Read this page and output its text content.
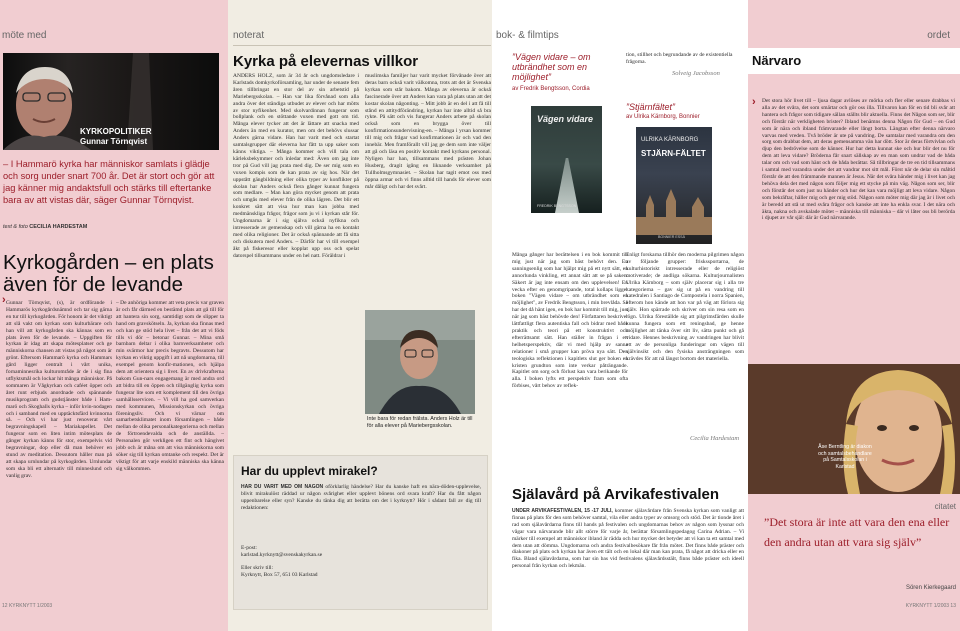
möte med
KYRKOPOLITIKER
Gunnar Törnqvist
– I Hammarö kyrka har människor samlats i glädje och sorg under snart 700 år. Det är stort och gör att jag känner mig andaktsfull och stärks till eftertanke bara av att vistas där, säger Gunnar Törnqvist.
text & foto CECILIA HARDESTAM
Kyrkogården – en plats
även för de levande
› Gunnar Törnqvist, (s), är ordförande i Hammarös kyrkogårdsnämnd och tar sig gärna en tur till kyrkogården. För honom är det viktigt att slå vakt om kyrkan som kulturbärare och han vill att kyrkogården ska kännas som en plats även för de levande. – Uppgiften för kyrkan är idag att skapa mötesplatser och ge människorna chansen att vistas på något som är grönt. Eftersom Hammarö kyrka och Hammars gård ligger centralt i vårt unika, fornaminnesrika kulturområde är de i sig fina utflyktsmål och lockar hit många människor. På sommaren är Vågkyrkan och caféet öppet och året runt erbjuds anordnade och spännande musikprogram och gudstjänster både i Ham-marö och Skoghalls kyrka – inför kvin-nodagen och i samband med en upptäcktsfärd kvinnorna så. – Och vi har just renoverat vårt begravningskapell – Mariakapellet. Det fungerar som en liten intim mötesplats de gånger kyrkan känns för stor, exempelvis vid begravningar, dop eller då man behöver en stund av meditation. Dessutom håller man på att skapa urnlundar på kyrkogården. Urnlundar som ska bli ett alternativ till minneslund och vanlig grav.

– De anhöriga kommer att veta precis var graven är och får därmed en bestämd plats att gå till för att hantera sin sorg, samtidigt som de slipper ta hand om gravskötseln. Ja, kyrkan ska finnas med och kan ge stöd hela livet – från det att vi föds tills vi dör – betonar Gunnar. – Mina små barnbarn deltar i olika barnverksamheter och min svärmor har precis begravts. Dessutom har kyrkan en viktig uppgift i att nå ungdomarna, till exempel genom konfir-mationen, och hjälpa dem att orientera sig i livet. En av drivkrafterna bakom Gun-nars engagemang är med andra ord att bidra till en öppen och tillgänglig kyrka som fungerar lite som ett komplement till den övriga samhällsservicen. – Vi vill ha god samverkan med kommunen, Missionskyrkan och övriga föreningsliv. Och vi värnar om samarbetsklimatet inom församlingen – både mellan de olika personalkategorierna och mellan de förtroendevalda och de anställda. – Personalen gör verkligen ett fint och hängivet jobb och är måna om att visa människorna som söker sig till kyrkan omtanke och respekt. Det är viktigt för att varje enskild människa ska känna sig välkommen.

12 KYRKNYTT 1/2003
noterat
Kyrka på elevernas villkor

ANDERS HOLZ, som är 34 år och ungdomsledare i Karlstads domkyrkoförsamling, har under de senaste fem åren tillbringat en stor del av sin arbetstid på Mariebergsskolan. – Han var lika förvånad som alla andra över det ständiga utbudet av elever och har mötts av stor nyfikenhet. Med skolvardinnan fungerar som bollplank och en stöttande vuxen med gott om tid. Många elever tycker att det är lättare att snacka med Anders än med en kurator, men om det behövs slussar Anders gärna vidare. Han har varit med och startat samtalsgrupper där eleverna har fått ta upp saker som känns viktiga. – Många kommer och vill tala om kärleksbekymmer och inledar med: Även om jag inte tror på Gud vill jag prata med dig. De ser mig som en vuxen kompis som de kan prata av sig hos. När det uppstått gängbildning eller olika typer av konflikter på skolan har Anders också flera gånger kunnat fungera som medlare. – Man kan göra mycket genom att prata och umgås med elever från de olika lägren. Det blir ett konkret sätt att visa hur man kan jobba med medmänskliga frågor, frågor som ju vi i kyrkan står för. Ungdomarna är i sig själva också nyfikna och intresserade av gemenskap och vill gärna ha en kontakt med olika religioner. Det är också spännande att få sitta och diskutera med Anders. – Därför har vi till exempel åkt på fiskeresor eller kopplat upp oss och spelat datorspel tillsammans under en hel natt. Föräldrar i

muslimska familjer har varit mycket förvånade över att deras barn också varit välkomna, trots att det är Svenska kyrkan som står bakom. Många av eleverna är också fascinerade över att Anders kan vara på plats utan att det kostar skolan någonting. – Mitt jobb är en del i att få till stånd en attitydförändring, kyrkan har inte alltid så bra rykte. På sätt och vis fungerar Anders arbete på skolan också som en brygga över till konfirmationsundervisning-en. – Många i yrsan kommer till mig och frågar vad konfirmationen är och vad den innebär. Men framförallt vill jag ge dem som inte väljer att gå och läsa en positiv kontakt med kyrkans personal. Nyligen har han, tillsammans med prästen Johan Husberg, dragit igång en liknande verksamhet på Tullholmsgymnasiet. – Skolan har tagit emot oss med öppna armar och vi finns alltid till hands för elever som mår dåligt och har det svårt.

Inte bara för redan frälsta. Anders Holz är till för alla elever på Mariebergsskolan.
Har du upplevt mirakel?
HAR DU VARIT MED OM NÅGON oförklarlig händelse? Har du kanske haft en nära-döden-upplevelse, blivit mirakulöst räddad ur någon svårighet eller upplevt bönens ord svara kraft? Har du fått någon uppenbarelse eller syn? Kanske du tänka dig att berätta om det i kyrknytt? Hör i sådant fall av dig till redaktionen:
E-post:
karlstad.kyrknytt@svenskakyrkan.se
Eller skriv till:
Kyrknytt, Box 57, 651 03 Karlstad
bok- & filmtips
”Vägen vidare – om utbrändhet som en möjlighet”
av Fredrik Bengtsson, Cordia
Vägen vidare
FREDRIK BENGTSSON
tion, stillhet och begrundande av de existentiella frågorna.
Solveig Jacobsson
”Stjärnfältet”
av Ulrika Kärnborg, Bonnier
ULRIKA KÄRNBORG
STJÄRN-FÄLTET
BONNIER ESSÄ

Många gånger har berättelsen i en bok kommit till mig just när jag som bäst behövt den. En sanningsenlig som har hjälpt mig på ett nytt sätt, en annorlunda vinkling, ett annat sätt att se på saken. Säkert är jag inte ensam om den upplevelsen! En vecka efter en genomgripande, total kollaps ligger boken "Vägen vidare – om utbrändhet som en möjlighet", av Fredrik Bengtsson, i min brevlåda. Så har det då hänt igen, en bok har kommit till mig, just när jag som bäst behövde den! Författaren beskriver lättfattligt flera autentiska fall och bidrar med både praktik och teori på ett konstruktivt och efterrättsamt sätt. Han ställer in frågan i ett helhetsperspektiv, där vi med hjälp av sanna relationer i små grupper kan pröva nya sätt. Den teologiska reflektionen i kapitlets slut ger boken en kristen grundton som inte verkar påträngande. Kapitlet om sorg och förlust kan vara berikande för alla. I boken lyfts ett perspektiv fram som ofta förbises, vårt behov av reflek-

Enligt forskarna tillhör den moderna pilgrimen någon av följande grupper: friskssportarna, de kulturhistoriskt intresserade eller de religiöst motiverade; de andliga sökarna. Kulturjournalisten Ulrika Kärnborg – som själv placerar sig i alla tre kategorierna – gav sig ut på en vandring till katedralen i Santiago de Compostela i norra Spanien, efterom hon kände att hon var på väg att förlora sig själv. Hon spärrade och skriver om sin resa som en lögn. Ulrika föreställde sig att pilgrimsfärden skulle kunna fungera som ett reningsbad, ge henne möjlighet att tänka över sitt liv, sätta punkt och gå vidare. Hennes beskrivning av vandringen har blivit ett av de personliga funderingar om vägen till självinsikt och den fysiska ansträngningen som krävdes för att nå längst bortom det materiella.

Cecilia Hardestam
Själavård på Arvikafestivalen
UNDER ARVIKAFESTIVALEN, 15 -17 JULI, kommer själavårdare från Svenska kyrkan som vanligt att finnas på plats för den som behöver samtal, vila eller andra typer av omsorg och stöd. Det är tionde året i rad som själavårdarna finns till hands på festivalen och ungdomarnas behov av någon som lyssnar och vågar vara närvarande blir allt större för varje år, berättar församlingspedagog Carina Adrian. – Vi märker till exempel att människor ibland är rädda och hur mycket det betyder att vi kan ta ett samtal med dem utan att dömma. Ungdomarna och andra festivalbesökare får från mötet. Det finns både präster och diakoner på plats och kyrkan har även ett tält och en lokal där man kan prata, få något att dricka eller en fika. Bland själavårdarna, som har sin bas vid festivalens själavårdsstält, finns både präster och ideell personal från kyrkan och lekmän.
ordet
Närvaro
› Det stora hör livet till – ljusa dagar avlöses av mörka och fler eller senare drabbas vi alla av det svåra, det som smärtar och gör oss illa. Tillvaron kan för en tid bli svår att hantera och frågor som tidigare sällan ställts blir aktuella. Finns det Någon som ser, blir och förstår när verkligheten brister? Ibland benämns denna Någon för Gud – en Gud som är nära och ibland främvarande eller långt borta. Längtan efter denna närvaro varvas med vreden. Två bröder är ute på vandring. De samtalar med varandra om den sorg som drabbat dem, att deras gemensamma vän har dött. Stor är deras förtvivlan och djup den bedrövelse som de känner. Hur har detta kunnat ske och hur blir det nu för dem att leva vidare? Bröderna får snart sällskap av en man som undrar vad de båda talar om och vad som hänt och de båda berättar. Så tillbringar de tre en tid tillsammans i samtal med varandra under det att vandrar mot sitt mål. Först när de delar sin måltid förstår de att den främmande mannen är Jesus. När det svåra händer mig i livet kan jag behöva dela det med någon som följer mig ett stycke på min väg. Någon som ser, blir och förstår det som just nu händer och hur det kan vara möjligt att leva vidare. Någon som bekräftar, håller mig och ger mig stöd. Någon som möter mig där jag är i livet och är beredd att stå ut med svåra frågor och kanske att inte ha enkla svar. I det nära och äkta, nakna och avskalade mötet – människa till människa – där vi låter oss bli berörda i djupet av vår själ: där är Gud närvarande.

Åse Berntling är diakon och samtalsbehandlare på Samtalsskolan i Karlstad
citatet
”Det stora är inte att vara den ena eller den andra utan att vara sig själv”
Sören Kierkegaard
KYRKNYTT 1/2003 13
